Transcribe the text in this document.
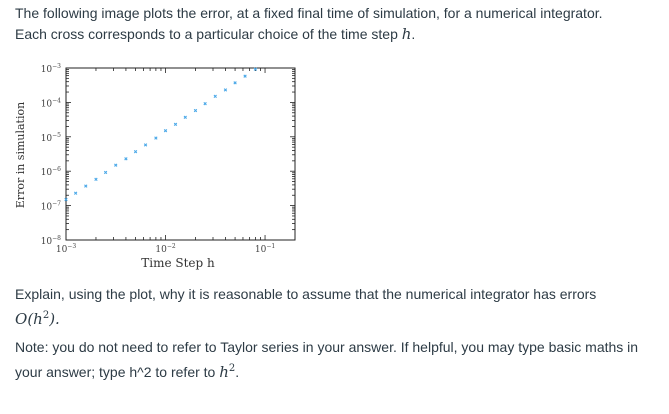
The following image plots the error, at a fixed final time of simulation, for a numerical integrator.
Each cross corresponds to a particular choice of the time step h.
$10^{-3}$
$10^{-4}$
$10^{-5}$
$10^{-6}$
$10^{-7}$
$10^{-8}$
$10^{-3}$	$10^{-2}$	$10^{-1}$
Time Step h
Error in simulation
Explain, using the plot, why it is reasonable to assume that the numerical integrator has errors
$O(h^2)$.
Note: you do not need to refer to Taylor series in your answer. If helpful, you may type basic maths in
your answer; type h^2 to refer to $h^2$.
